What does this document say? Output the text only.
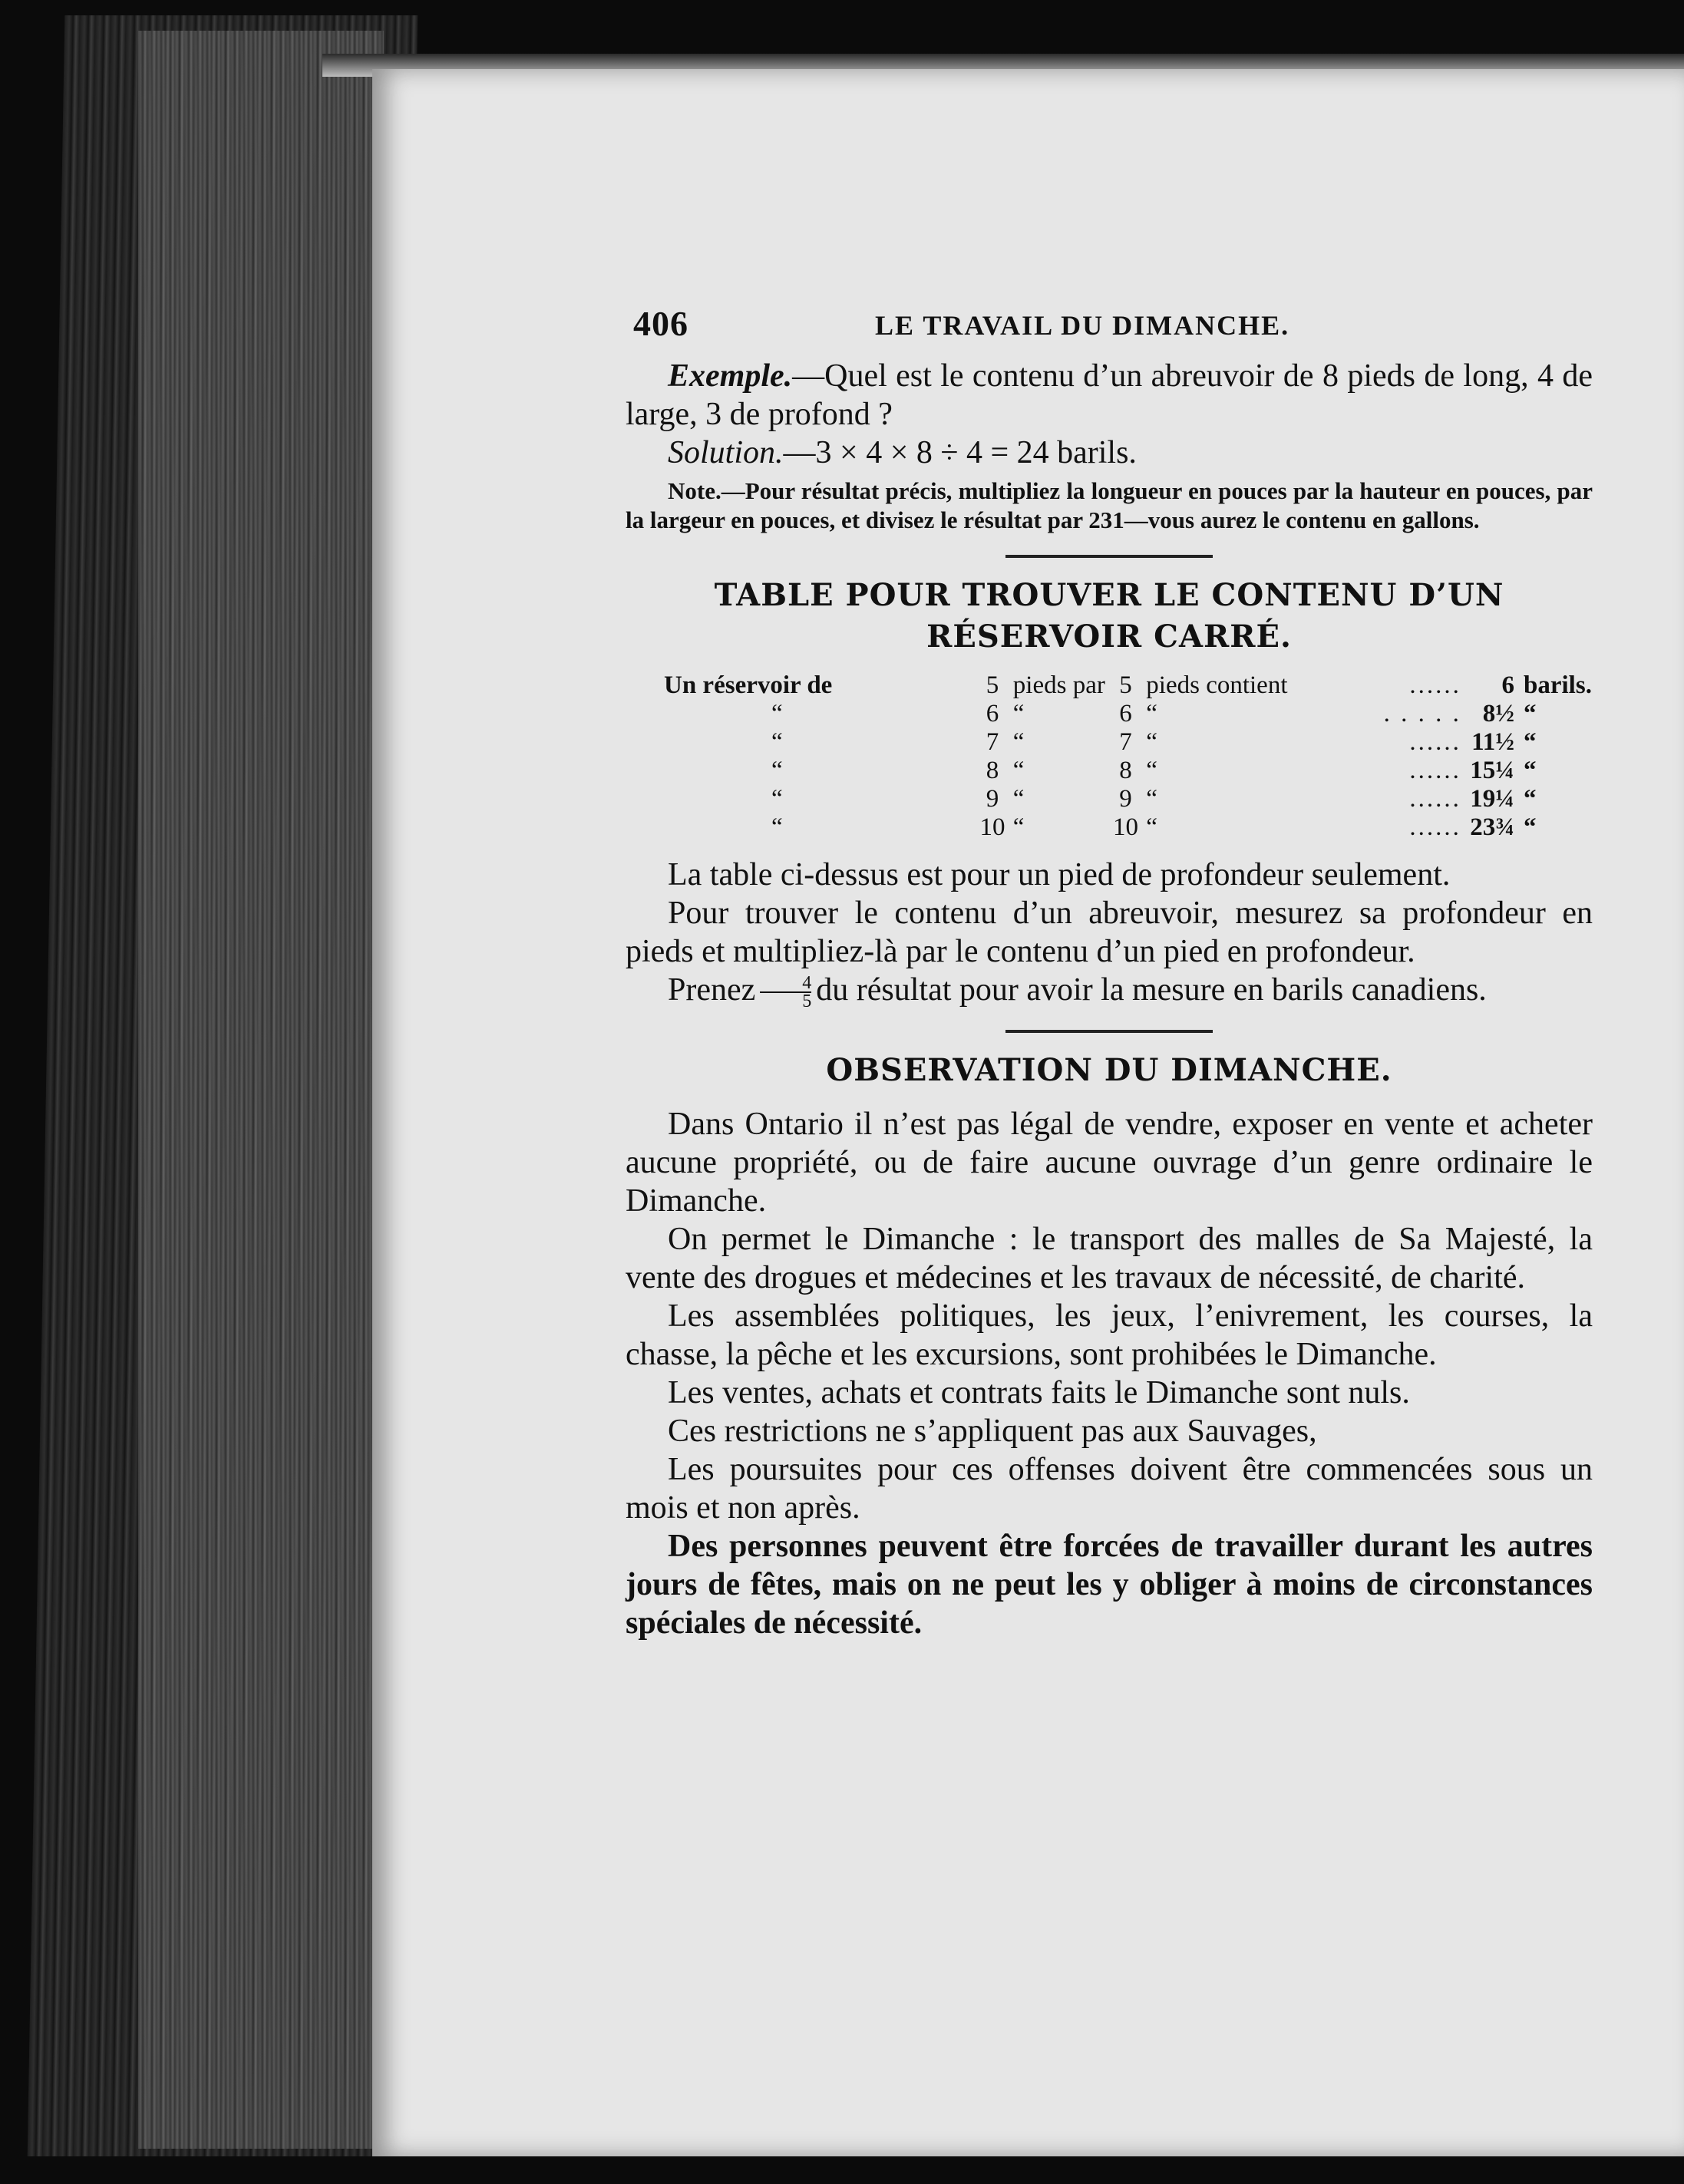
406	LE TRAVAIL DU DIMANCHE.

Exemple.—Quel est le contenu d’un abreuvoir de 8 pieds de long, 4 de large, 3 de profond ?

Solution.—3 × 4 × 8 ÷ 4 = 24 barils.

Note.—Pour résultat précis, multipliez la longueur en pouces par la hauteur en pouces, par la largeur en pouces, et divisez le résultat par 231—vous aurez le contenu en gallons.

TABLE POUR TROUVER LE CONTENU D’UN
RÉSERVOIR CARRÉ.
Un réservoir de	5	pieds par	5	pieds contient	......	6	barils.
“	6	“	6	“	. . . . .	8½	“
“	7	“	7	“	......	11½	“
“	8	“	8	“	......	15¼	“
“	9	“	9	“	......	19¼	“
“	10	“	10	“	......	23¾	“

La table ci-dessus est pour un pied de profondeur seulement.

Pour trouver le contenu d’un abreuvoir, mesurez sa profondeur en pieds et multipliez-là par le contenu d’un pied en profondeur.

Prenez $\frac{4}{5}$ du résultat pour avoir la mesure en barils canadiens.

OBSERVATION DU DIMANCHE.

Dans Ontario il n’est pas légal de vendre, exposer en vente et acheter aucune propriété, ou de faire aucune ouvrage d’un genre ordinaire le Dimanche.

On permet le Dimanche : le transport des malles de Sa Majesté, la vente des drogues et médecines et les travaux de nécessité, de charité.

Les assemblées politiques, les jeux, l’enivrement, les courses, la chasse, la pêche et les excursions, sont prohibées le Dimanche.

Les ventes, achats et contrats faits le Dimanche sont nuls.

Ces restrictions ne s’appliquent pas aux Sauvages,

Les poursuites pour ces offenses doivent être commencées sous un mois et non après.

Des personnes peuvent être forcées de travailler durant les autres jours de fêtes, mais on ne peut les y obliger à moins de circonstances spéciales de nécessité.
